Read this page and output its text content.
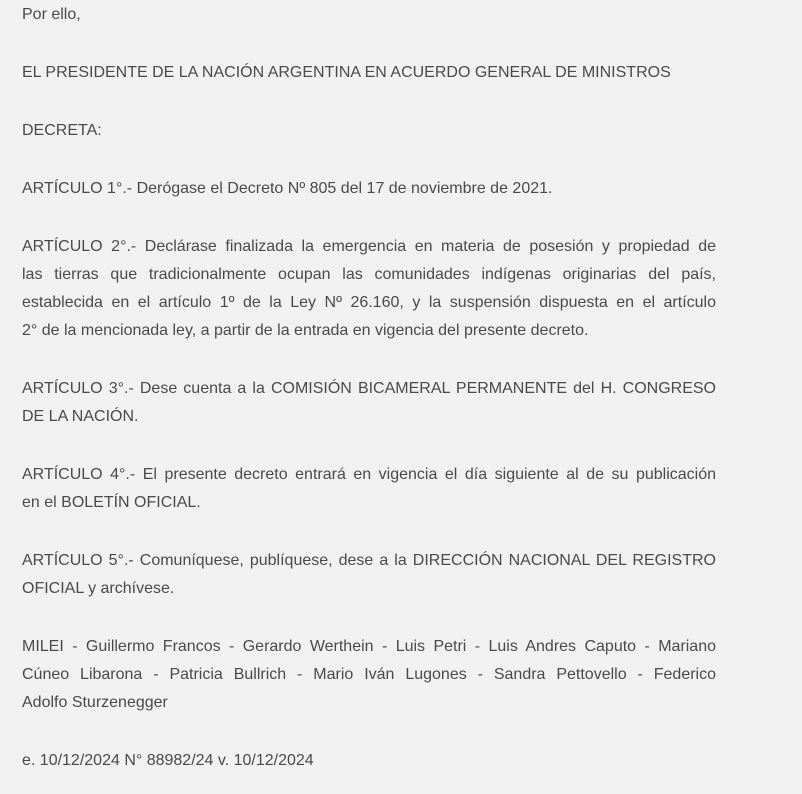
Por ello,

EL PRESIDENTE DE LA NACIÓN ARGENTINA EN ACUERDO GENERAL DE MINISTROS

DECRETA:

ARTÍCULO 1°.- Derógase el Decreto Nº 805 del 17 de noviembre de 2021.

ARTÍCULO 2°.- Declárase finalizada la emergencia en materia de posesión y propiedad de
las tierras que tradicionalmente ocupan las comunidades indígenas originarias del país,
establecida en el artículo 1º de la Ley Nº 26.160, y la suspensión dispuesta en el artículo
2° de la mencionada ley, a partir de la entrada en vigencia del presente decreto.

ARTÍCULO 3°.- Dese cuenta a la COMISIÓN BICAMERAL PERMANENTE del H. CONGRESO
DE LA NACIÓN.

ARTÍCULO 4°.- El presente decreto entrará en vigencia el día siguiente al de su publicación
en el BOLETÍN OFICIAL.

ARTÍCULO 5°.- Comuníquese, publíquese, dese a la DIRECCIÓN NACIONAL DEL REGISTRO
OFICIAL y archívese.

MILEI - Guillermo Francos - Gerardo Werthein - Luis Petri - Luis Andres Caputo - Mariano
Cúneo Libarona - Patricia Bullrich - Mario Iván Lugones - Sandra Pettovello - Federico
Adolfo Sturzenegger

e. 10/12/2024 N° 88982/24 v. 10/12/2024
